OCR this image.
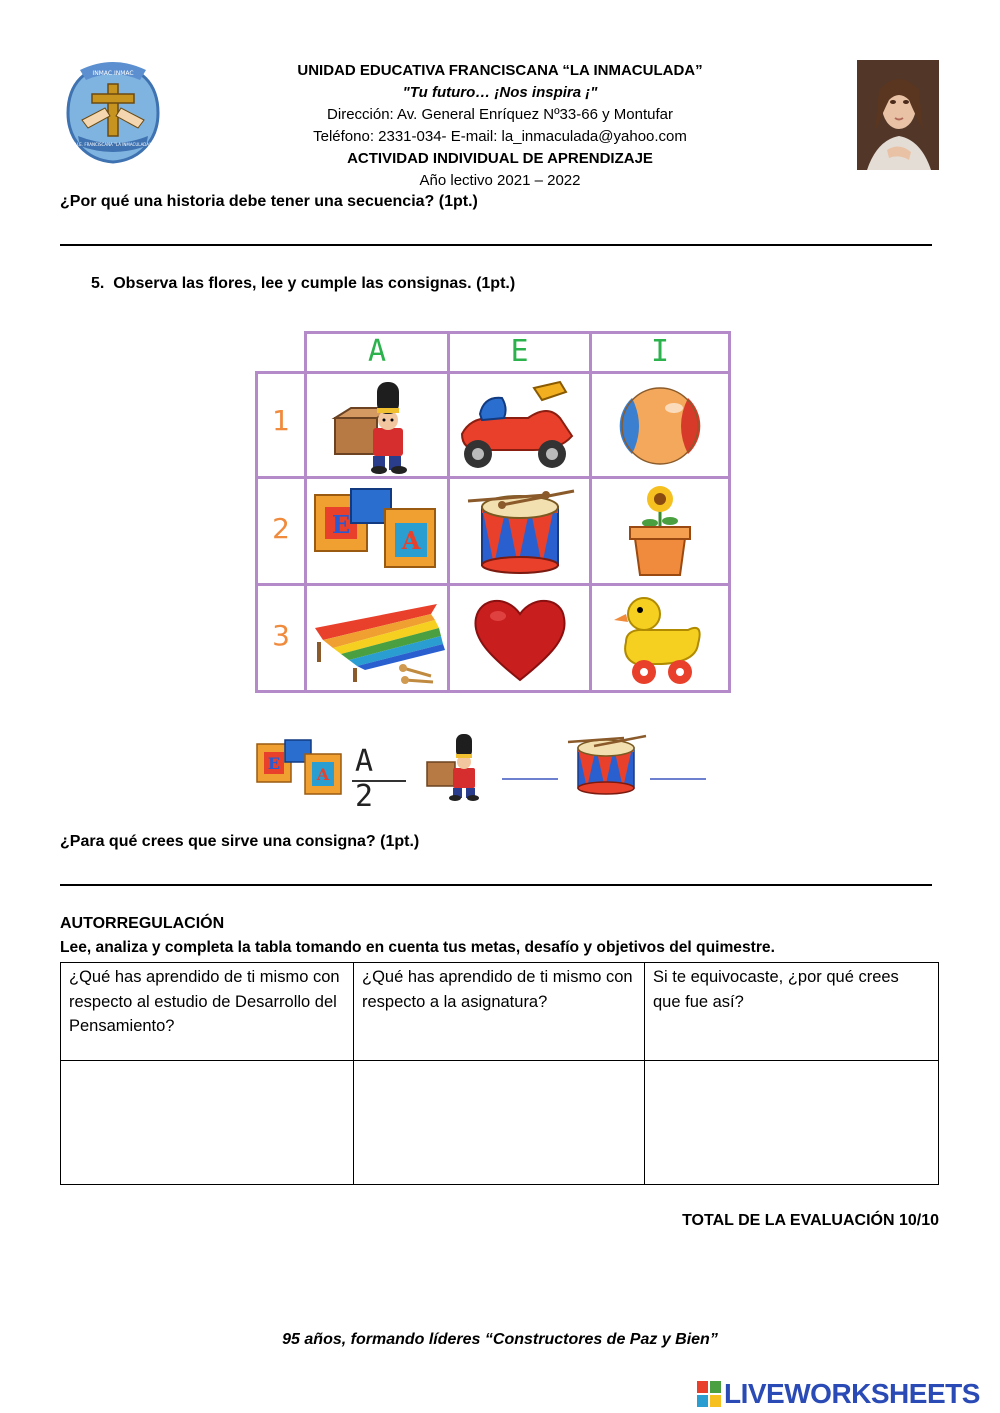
INMAC INMAC
U.E. FRANCISCANA "LA INMACULADA"
UNIDAD EDUCATIVA FRANCISCANA “LA INMACULADA”
"Tu futuro… ¡Nos inspira ¡"
Dirección: Av. General Enríquez Nº33-66 y Montufar
Teléfono: 2331-034- E-mail: la_inmaculada@yahoo.com
ACTIVIDAD INDIVIDUAL DE APRENDIZAJE
Año lectivo 2021 – 2022
¿Por qué una historia debe tener una secuencia? (1pt.)
5. Observa las flores, lee y cumple las consignas. (1pt.)
A	E	I
1
2
3
E
A
E
A A 2
¿Para qué crees que sirve una consigna? (1pt.)
AUTORREGULACIÓN
Lee, analiza y completa la tabla tomando en cuenta tus metas, desafío y objetivos del quimestre.
¿Qué has aprendido de ti mismo con respecto al estudio de Desarrollo del Pensamiento?	¿Qué has aprendido de ti mismo con respecto a la asignatura?	Si te equivocaste, ¿por qué crees que fue así?

TOTAL DE LA EVALUACIÓN 10/10
95 años, formando líderes “Constructores de Paz y Bien”
LIVEWORKSHEETS
